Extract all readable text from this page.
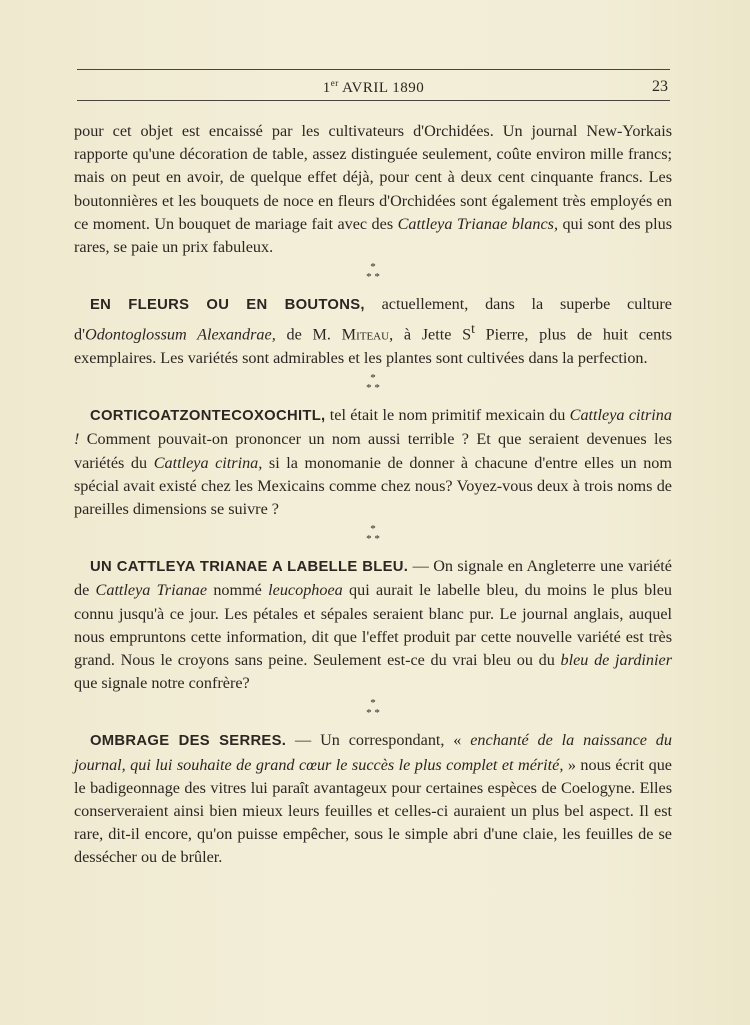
1er AVRIL 1890	23

pour cet objet est encaissé par les cultivateurs d'Orchidées. Un journal New-Yorkais rapporte qu'une décoration de table, assez distinguée seulement, coûte environ mille francs; mais on peut en avoir, de quelque effet déjà, pour cent à deux cent cinquante francs. Les boutonnières et les bouquets de noce en fleurs d'Orchidées sont également très employés en ce moment. Un bouquet de mariage fait avec des Cattleya Trianae blancs, qui sont des plus rares, se paie un prix fabuleux.

*
* *

EN FLEURS OU EN BOUTONS, actuellement, dans la superbe culture d'Odontoglossum Alexandrae, de M. Miteau, à Jette $S^t$ Pierre, plus de huit cents exemplaires. Les variétés sont admirables et les plantes sont cultivées dans la perfection.

*
* *

CORTICOATZONTECOXOCHITL, tel était le nom primitif mexicain du Cattleya citrina ! Comment pouvait-on prononcer un nom aussi terrible ? Et que seraient devenues les variétés du Cattleya citrina, si la monomanie de donner à chacune d'entre elles un nom spécial avait existé chez les Mexicains comme chez nous? Voyez-vous deux à trois noms de pareilles dimensions se suivre ?

*
* *

UN CATTLEYA TRIANAE A LABELLE BLEU. — On signale en Angleterre une variété de Cattleya Trianae nommé leucophoea qui aurait le labelle bleu, du moins le plus bleu connu jusqu'à ce jour. Les pétales et sépales seraient blanc pur. Le journal anglais, auquel nous empruntons cette information, dit que l'effet produit par cette nouvelle variété est très grand. Nous le croyons sans peine. Seulement est-ce du vrai bleu ou du bleu de jardinier que signale notre confrère?

*
* *

OMBRAGE DES SERRES. — Un correspondant, « enchanté de la naissance du journal, qui lui souhaite de grand cœur le succès le plus complet et mérité, » nous écrit que le badigeonnage des vitres lui paraît avantageux pour certaines espèces de Coelogyne. Elles conserveraient ainsi bien mieux leurs feuilles et celles-ci auraient un plus bel aspect. Il est rare, dit-il encore, qu'on puisse empêcher, sous le simple abri d'une claie, les feuilles de se dessécher ou de brûler.
